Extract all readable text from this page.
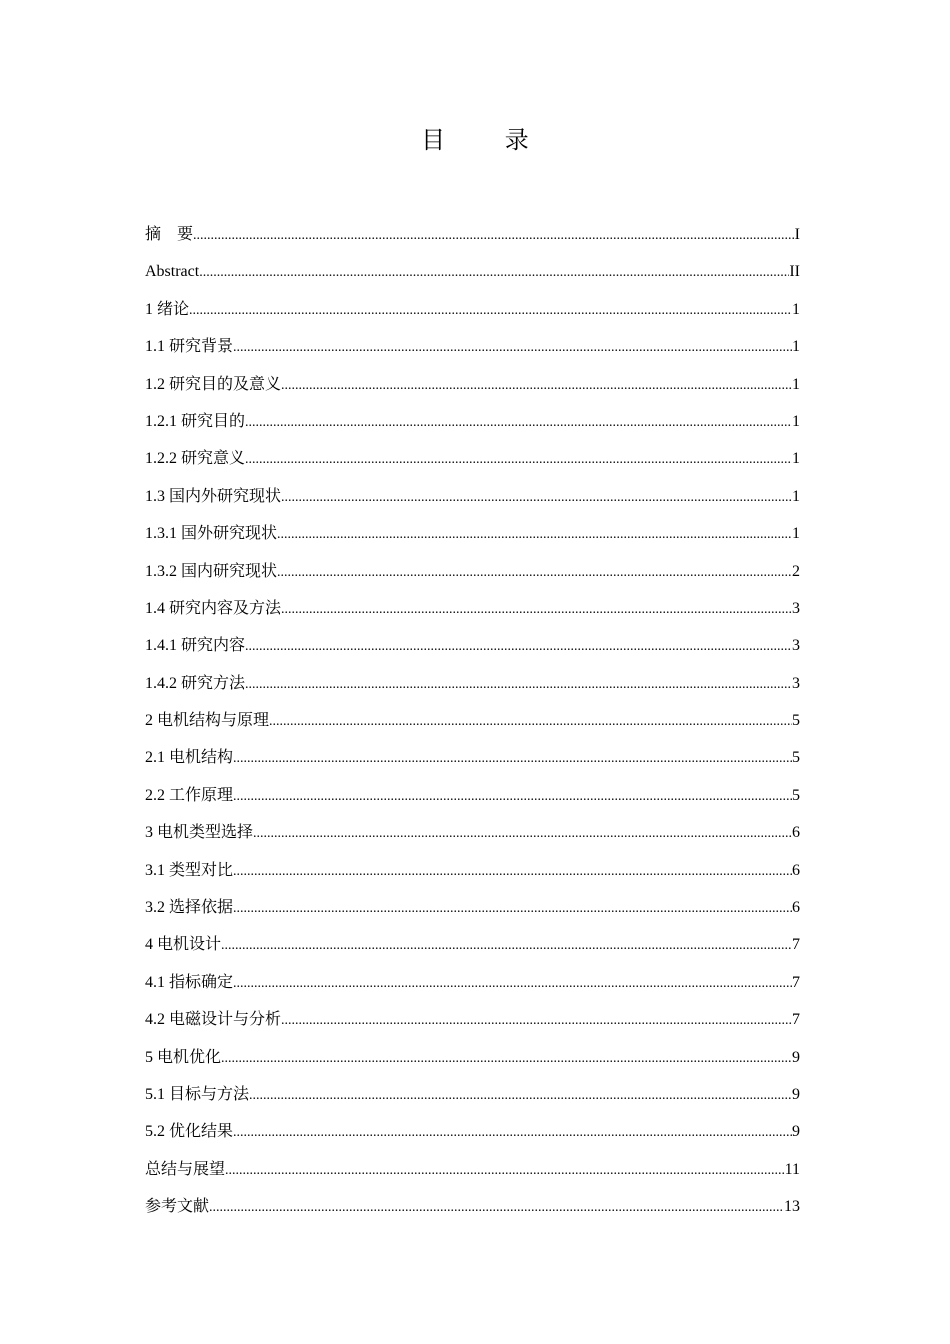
目 录
摘　要 .....	I
Abstract .....	II
1 绪论 .....	1
1.1 研究背景 .....	1
1.2 研究目的及意义 .....	1
1.2.1 研究目的 .....	1
1.2.2 研究意义 .....	1
1.3 国内外研究现状 .....	1
1.3.1 国外研究现状 .....	1
1.3.2 国内研究现状 .....	2
1.4 研究内容及方法 .....	3
1.4.1 研究内容 .....	3
1.4.2 研究方法 .....	3
2 电机结构与原理 .....	5
2.1 电机结构 .....	5
2.2 工作原理 .....	5
3 电机类型选择 .....	6
3.1 类型对比 .....	6
3.2 选择依据 .....	6
4 电机设计 .....	7
4.1 指标确定 .....	7
4.2 电磁设计与分析 .....	7
5 电机优化 .....	9
5.1 目标与方法 .....	9
5.2 优化结果 .....	9
总结与展望 .....	11
参考文献 .....	13
